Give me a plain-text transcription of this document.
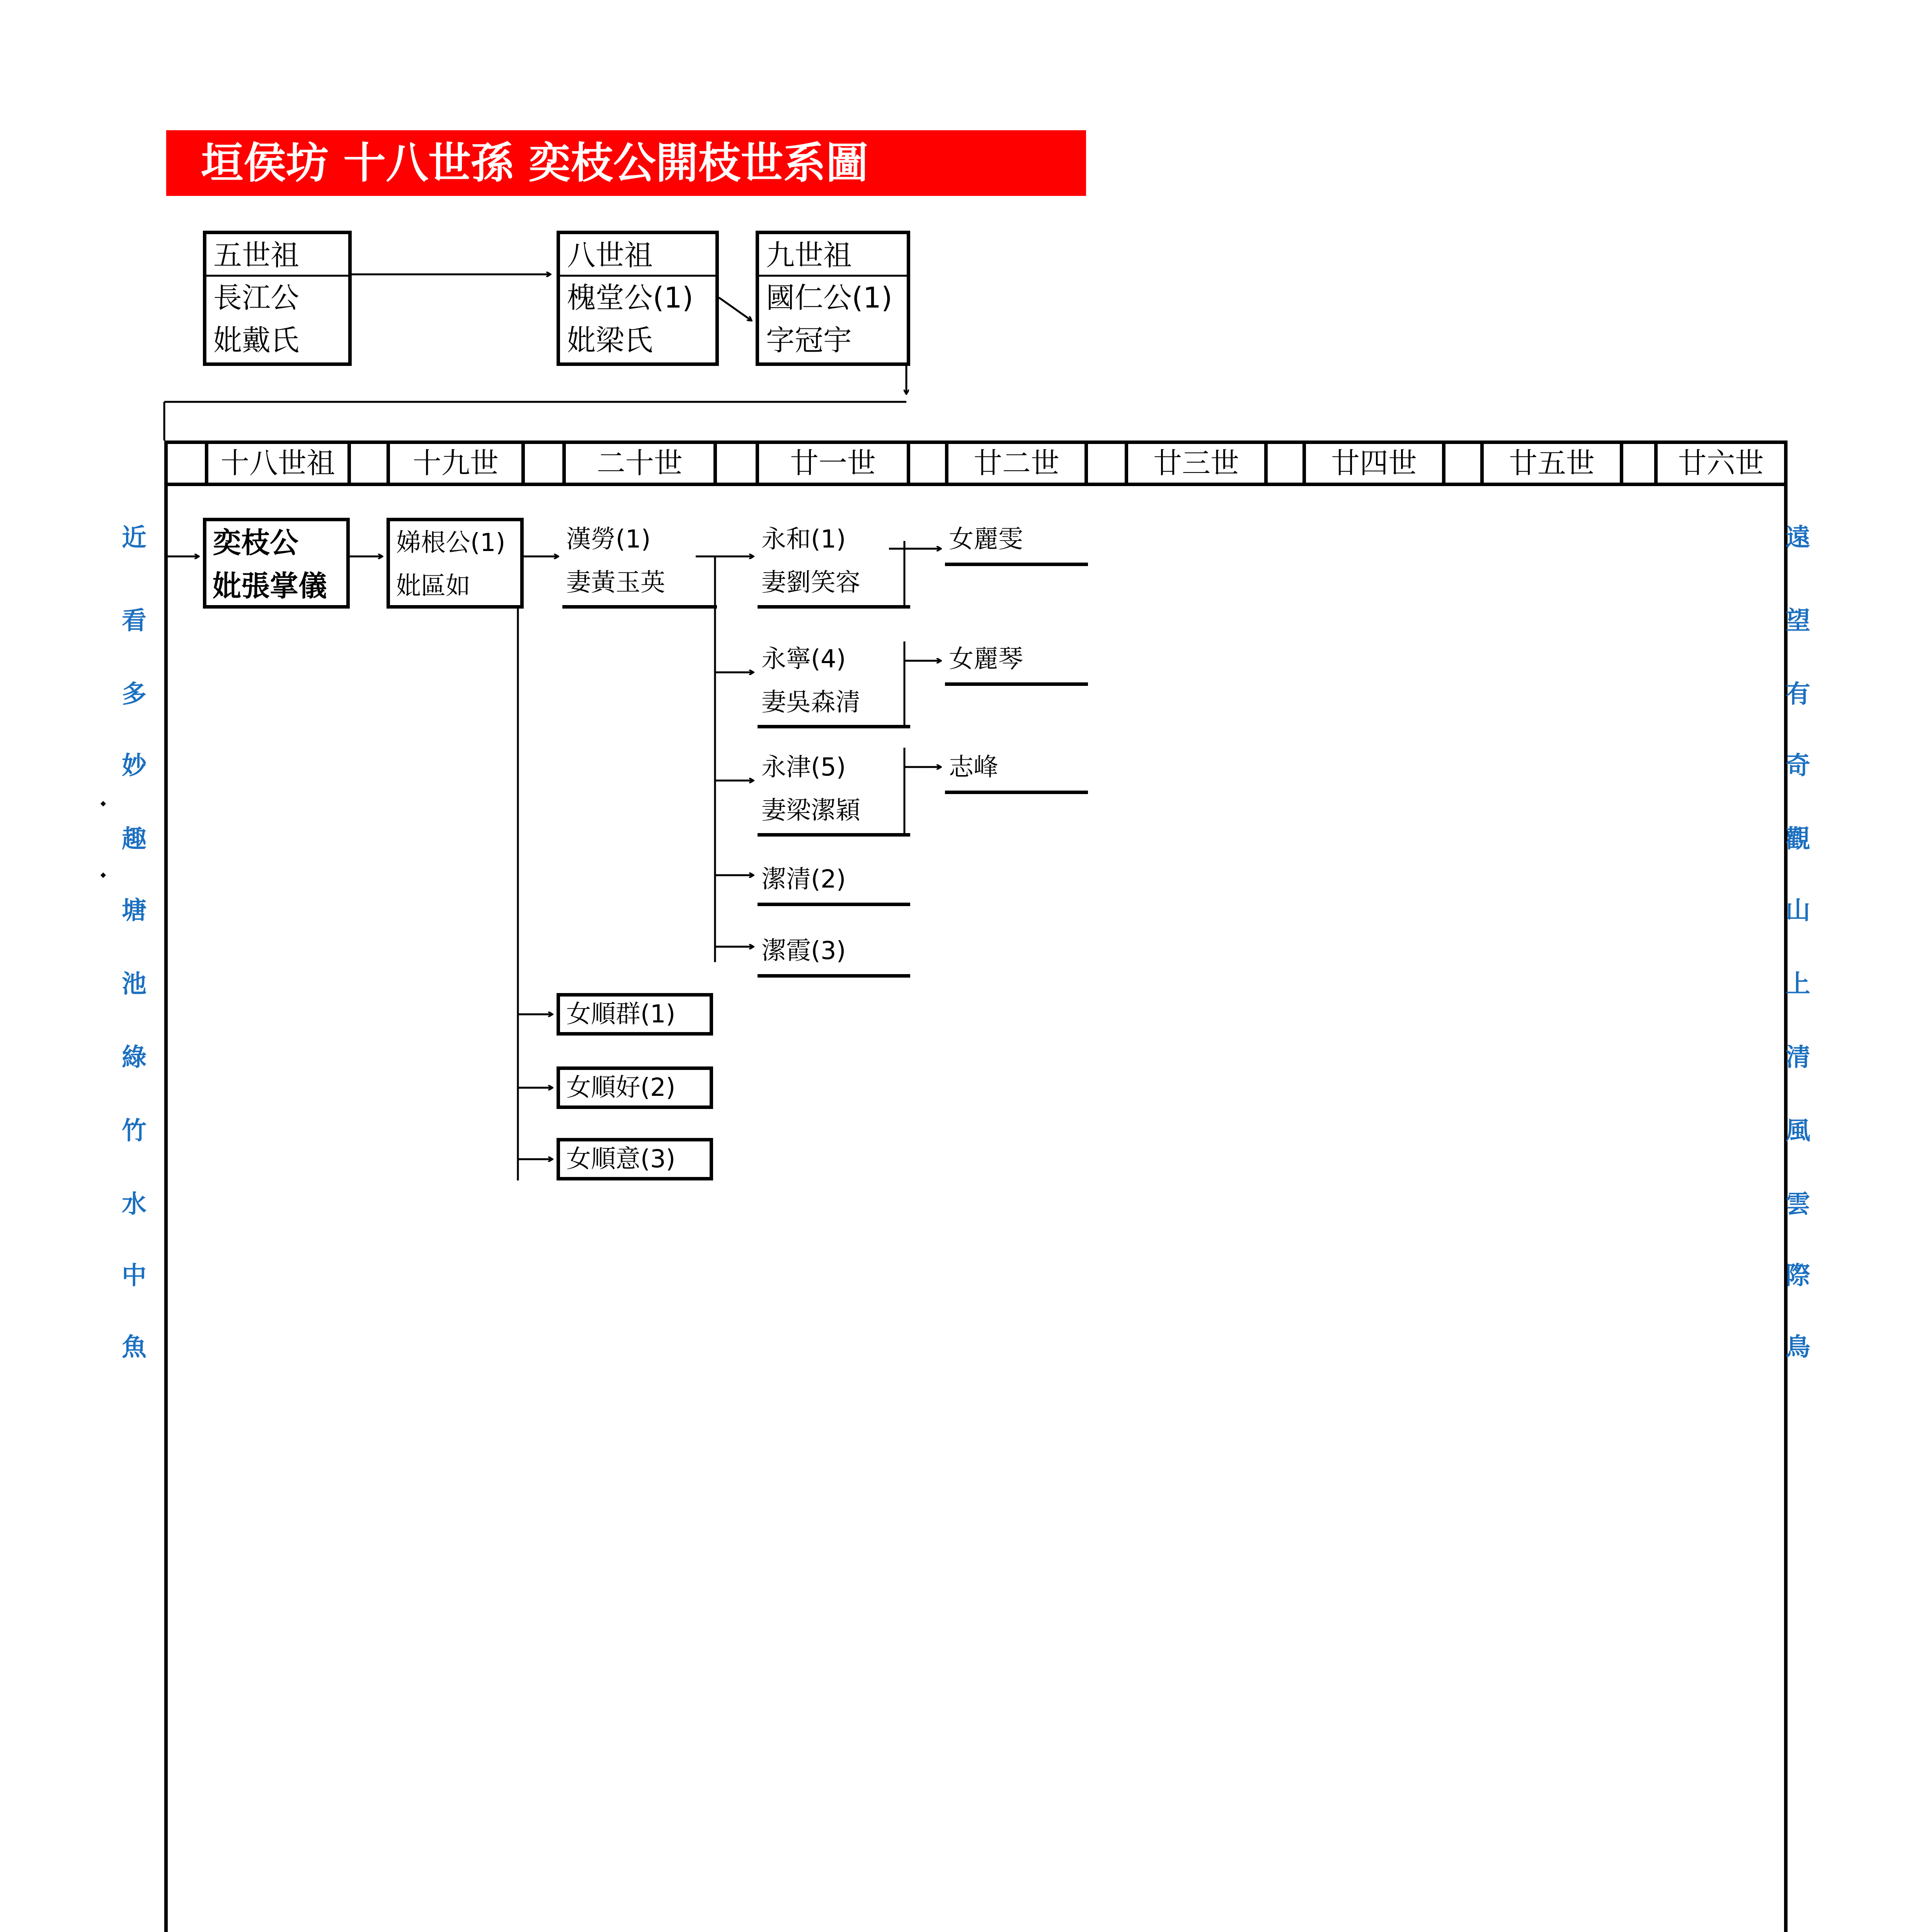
垣侯坊 十八世孫 奕枝公開枝世系圖
五世祖
長江公
妣戴氏
八世祖
槐堂公(1)
妣梁氏
九世祖
國仁公(1)
字冠宇
十八世祖	十九世	二十世	廿一世	廿二世	廿三世	廿四世	廿五世	廿六世
奕枝公
妣張掌儀
娣根公(1)
妣區如
漢勞(1)
妻黃玉英
永和(1)
妻劉笑容
永寧(4)
妻吳森清
永津(5)
妻梁潔穎
潔清(2)
潔霞(3)
女麗雯
女麗琴
志峰
女順群(1)
女順好(2)
女順意(3)
近
看
多
妙
趣
塘
池
綠
竹
水
中
魚
遠
望
有
奇
觀
山
上
清
風
雲
際
鳥
